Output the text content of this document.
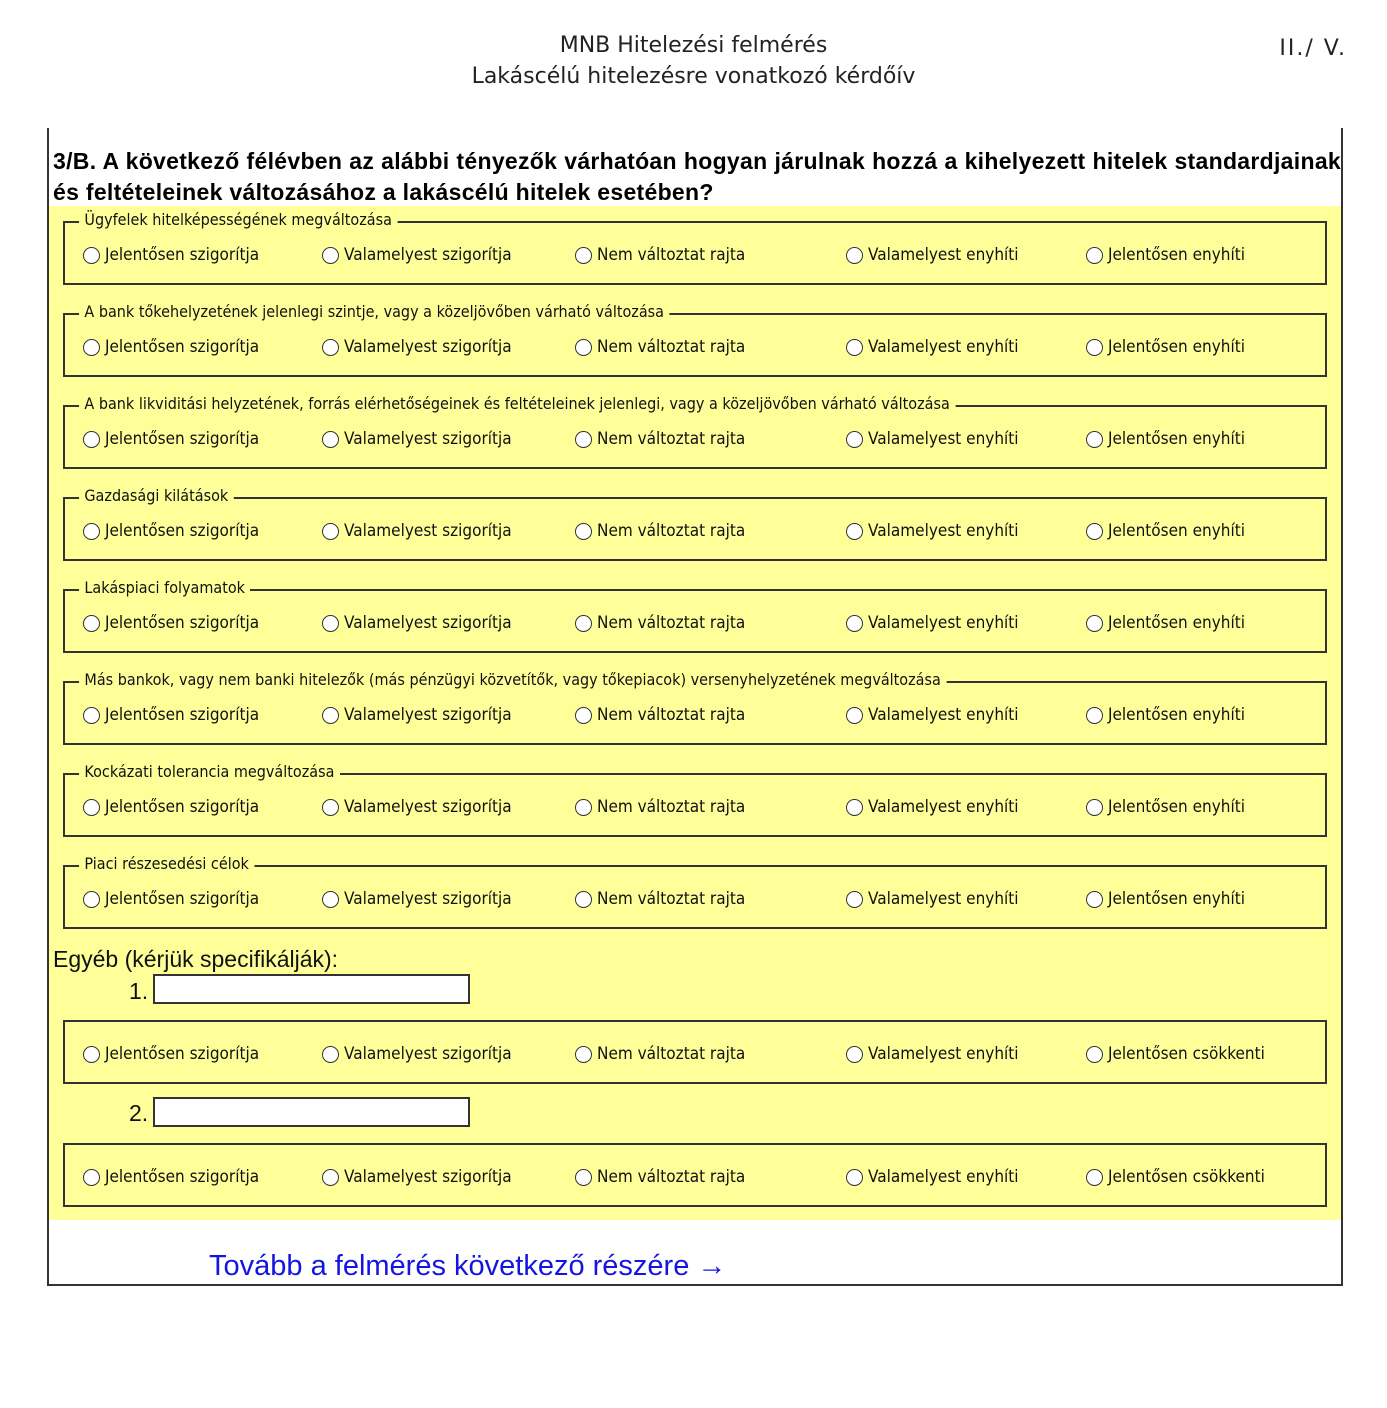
MNB Hitelezési felmérés
Lakáscélú hitelezésre vonatkozó kérdőív
II./ V.
3/B. A következő félévben az alábbi tényezők várhatóan hogyan járulnak hozzá a kihelyezett hitelek standardjainak és feltételeinek változásához a lakáscélú hitelek esetében?
Ügyfelek hitelképességének megváltozása
Jelentősen szigorítja	Valamelyest szigorítja	Nem változtat rajta	Valamelyest enyhíti	Jelentősen enyhíti
A bank tőkehelyzetének jelenlegi szintje, vagy a közeljövőben várható változása
Jelentősen szigorítja	Valamelyest szigorítja	Nem változtat rajta	Valamelyest enyhíti	Jelentősen enyhíti
A bank likviditási helyzetének, forrás elérhetőségeinek és feltételeinek jelenlegi, vagy a közeljövőben várható változása
Jelentősen szigorítja	Valamelyest szigorítja	Nem változtat rajta	Valamelyest enyhíti	Jelentősen enyhíti
Gazdasági kilátások
Jelentősen szigorítja	Valamelyest szigorítja	Nem változtat rajta	Valamelyest enyhíti	Jelentősen enyhíti
Lakáspiaci folyamatok
Jelentősen szigorítja	Valamelyest szigorítja	Nem változtat rajta	Valamelyest enyhíti	Jelentősen enyhíti
Más bankok, vagy nem banki hitelezők (más pénzügyi közvetítők, vagy tőkepiacok) versenyhelyzetének megváltozása
Jelentősen szigorítja	Valamelyest szigorítja	Nem változtat rajta	Valamelyest enyhíti	Jelentősen enyhíti
Kockázati tolerancia megváltozása
Jelentősen szigorítja	Valamelyest szigorítja	Nem változtat rajta	Valamelyest enyhíti	Jelentősen enyhíti
Piaci részesedési célok
Jelentősen szigorítja	Valamelyest szigorítja	Nem változtat rajta	Valamelyest enyhíti	Jelentősen enyhíti
Egyéb (kérjük specifikálják):
1.
Jelentősen szigorítja	Valamelyest szigorítja	Nem változtat rajta	Valamelyest enyhíti	Jelentősen csökkenti
2.
Jelentősen szigorítja	Valamelyest szigorítja	Nem változtat rajta	Valamelyest enyhíti	Jelentősen csökkenti
Tovább a felmérés következő részére →
